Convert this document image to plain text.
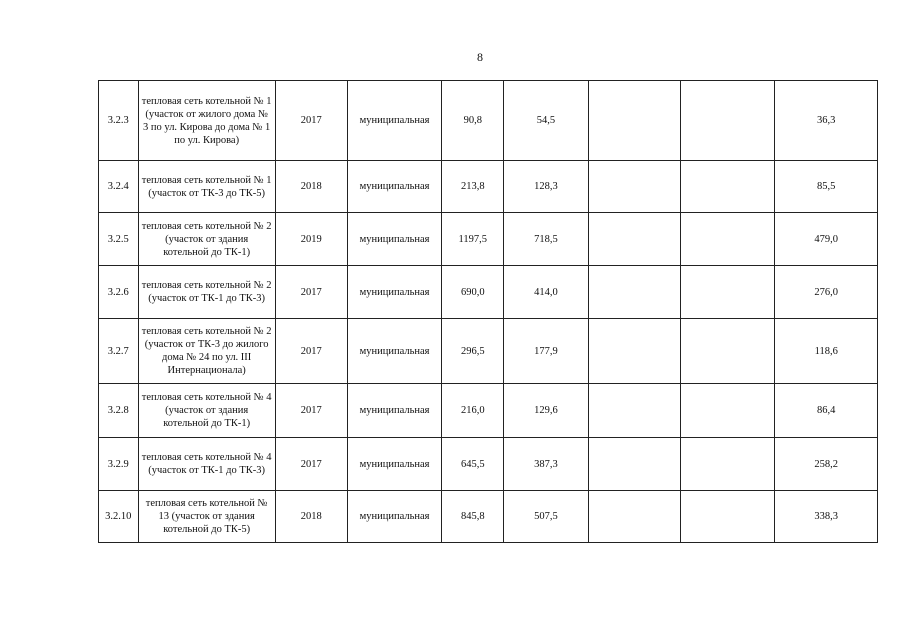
8
3.2.3	тепловая сеть котельной № 1 (участок от жилого дома № 3 по ул. Кирова до дома № 1 по ул. Кирова)	2017	муниципальная	90,8	54,5			36,3
3.2.4	тепловая сеть котельной № 1 (участок от ТК-3 до ТК-5)	2018	муниципальная	213,8	128,3			85,5
3.2.5	тепловая сеть котельной № 2 (участок от здания котельной до ТК-1)	2019	муниципальная	1197,5	718,5			479,0
3.2.6	тепловая сеть котельной № 2 (участок от ТК-1 до ТК-3)	2017	муниципальная	690,0	414,0			276,0
3.2.7	тепловая сеть котельной № 2 (участок от ТК-3 до жилого дома № 24 по ул. III Интернационала)	2017	муниципальная	296,5	177,9			118,6
3.2.8	тепловая сеть котельной № 4 (участок от здания котельной до ТК-1)	2017	муниципальная	216,0	129,6			86,4
3.2.9	тепловая сеть котельной № 4 (участок от ТК-1 до ТК-3)	2017	муниципальная	645,5	387,3			258,2
3.2.10	тепловая сеть котельной № 13 (участок от здания котельной до ТК-5)	2018	муниципальная	845,8	507,5			338,3
